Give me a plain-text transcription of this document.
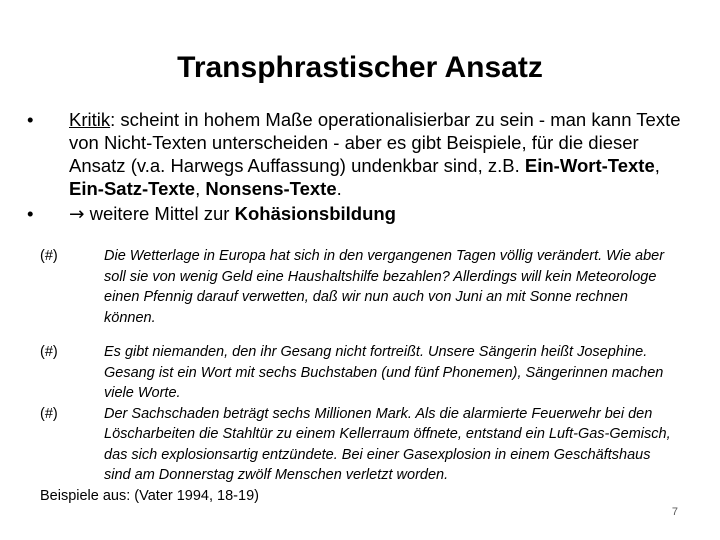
Transphrastischer Ansatz
•	Kritik: scheint in hohem Maße operationalisierbar zu sein - man kann Texte von Nicht-Texten unterscheiden - aber es gibt Beispiele, für die dieser Ansatz (v.a. Harwegs Auffassung) undenkbar sind, z.B. Ein-Wort-Texte, Ein-Satz-Texte, Nonsens-Texte.
•	→ weitere Mittel zur Kohäsionsbildung
(#)	Die Wetterlage in Europa hat sich in den vergangenen Tagen völlig verändert. Wie aber soll sie von wenig Geld eine Haushaltshilfe bezahlen? Allerdings will kein Meteorologe einen Pfennig darauf verwetten, daß wir nun auch von Juni an mit Sonne rechnen können.
(#)	Es gibt niemanden, den ihr Gesang nicht fortreißt. Unsere Sängerin heißt Josephine. Gesang ist ein Wort mit sechs Buchstaben (und fünf Phonemen), Sängerinnen machen viele Worte.
(#)	Der Sachschaden beträgt sechs Millionen Mark. Als die alarmierte Feuerwehr bei den Löscharbeiten die Stahltür zu einem Kellerraum öffnete, entstand ein Luft-Gas-Gemisch, das sich explosionsartig entzündete. Bei einer Gasexplosion in einem Geschäftshaus sind am Donnerstag zwölf Menschen verletzt worden.
Beispiele aus: (Vater 1994, 18-19)
7
